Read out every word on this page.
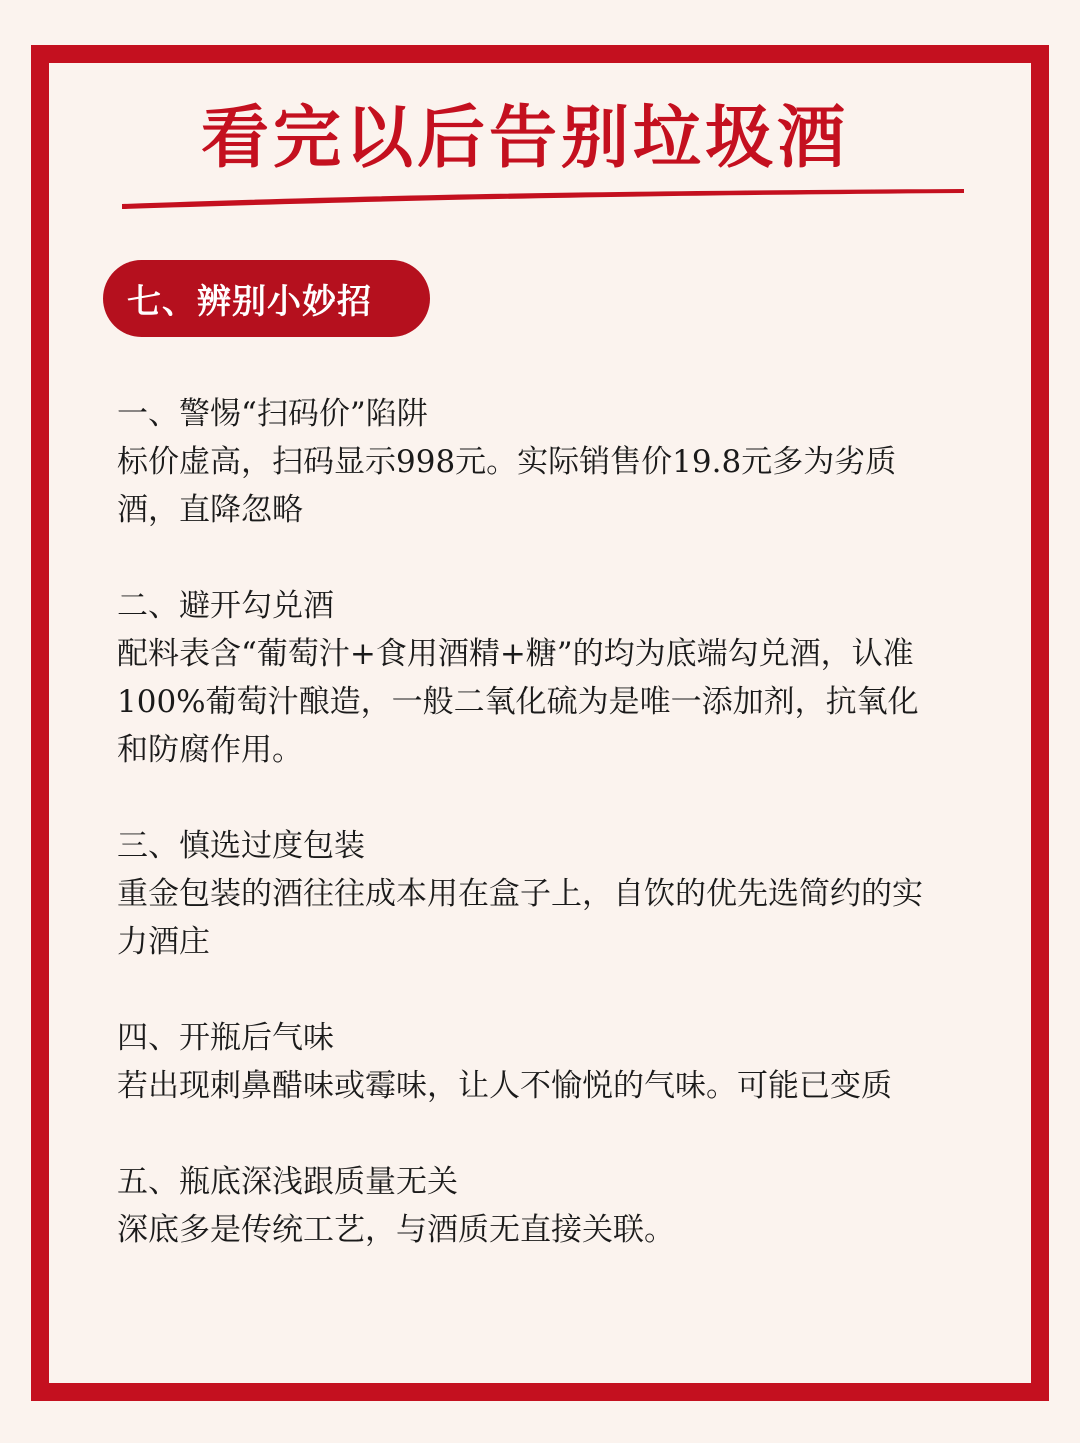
看完以后告别垃圾酒
七、辨别小妙招
一、警惕“扫码价”陷阱
标价虚高，扫码显示998元。实际销售价19.8元多为劣质酒，直降忽略
二、避开勾兑酒
配料表含“葡萄汁+食用酒精+糖”的均为底端勾兑酒，认准100%葡萄汁酿造，一般二氧化硫为是唯一添加剂，抗氧化和防腐作用。
三、慎选过度包装
重金包装的酒往往成本用在盒子上，自饮的优先选简约的实力酒庄
四、开瓶后气味
若出现刺鼻醋味或霉味，让人不愉悦的气味。可能已变质
五、瓶底深浅跟质量无关
深底多是传统工艺，与酒质无直接关联。
